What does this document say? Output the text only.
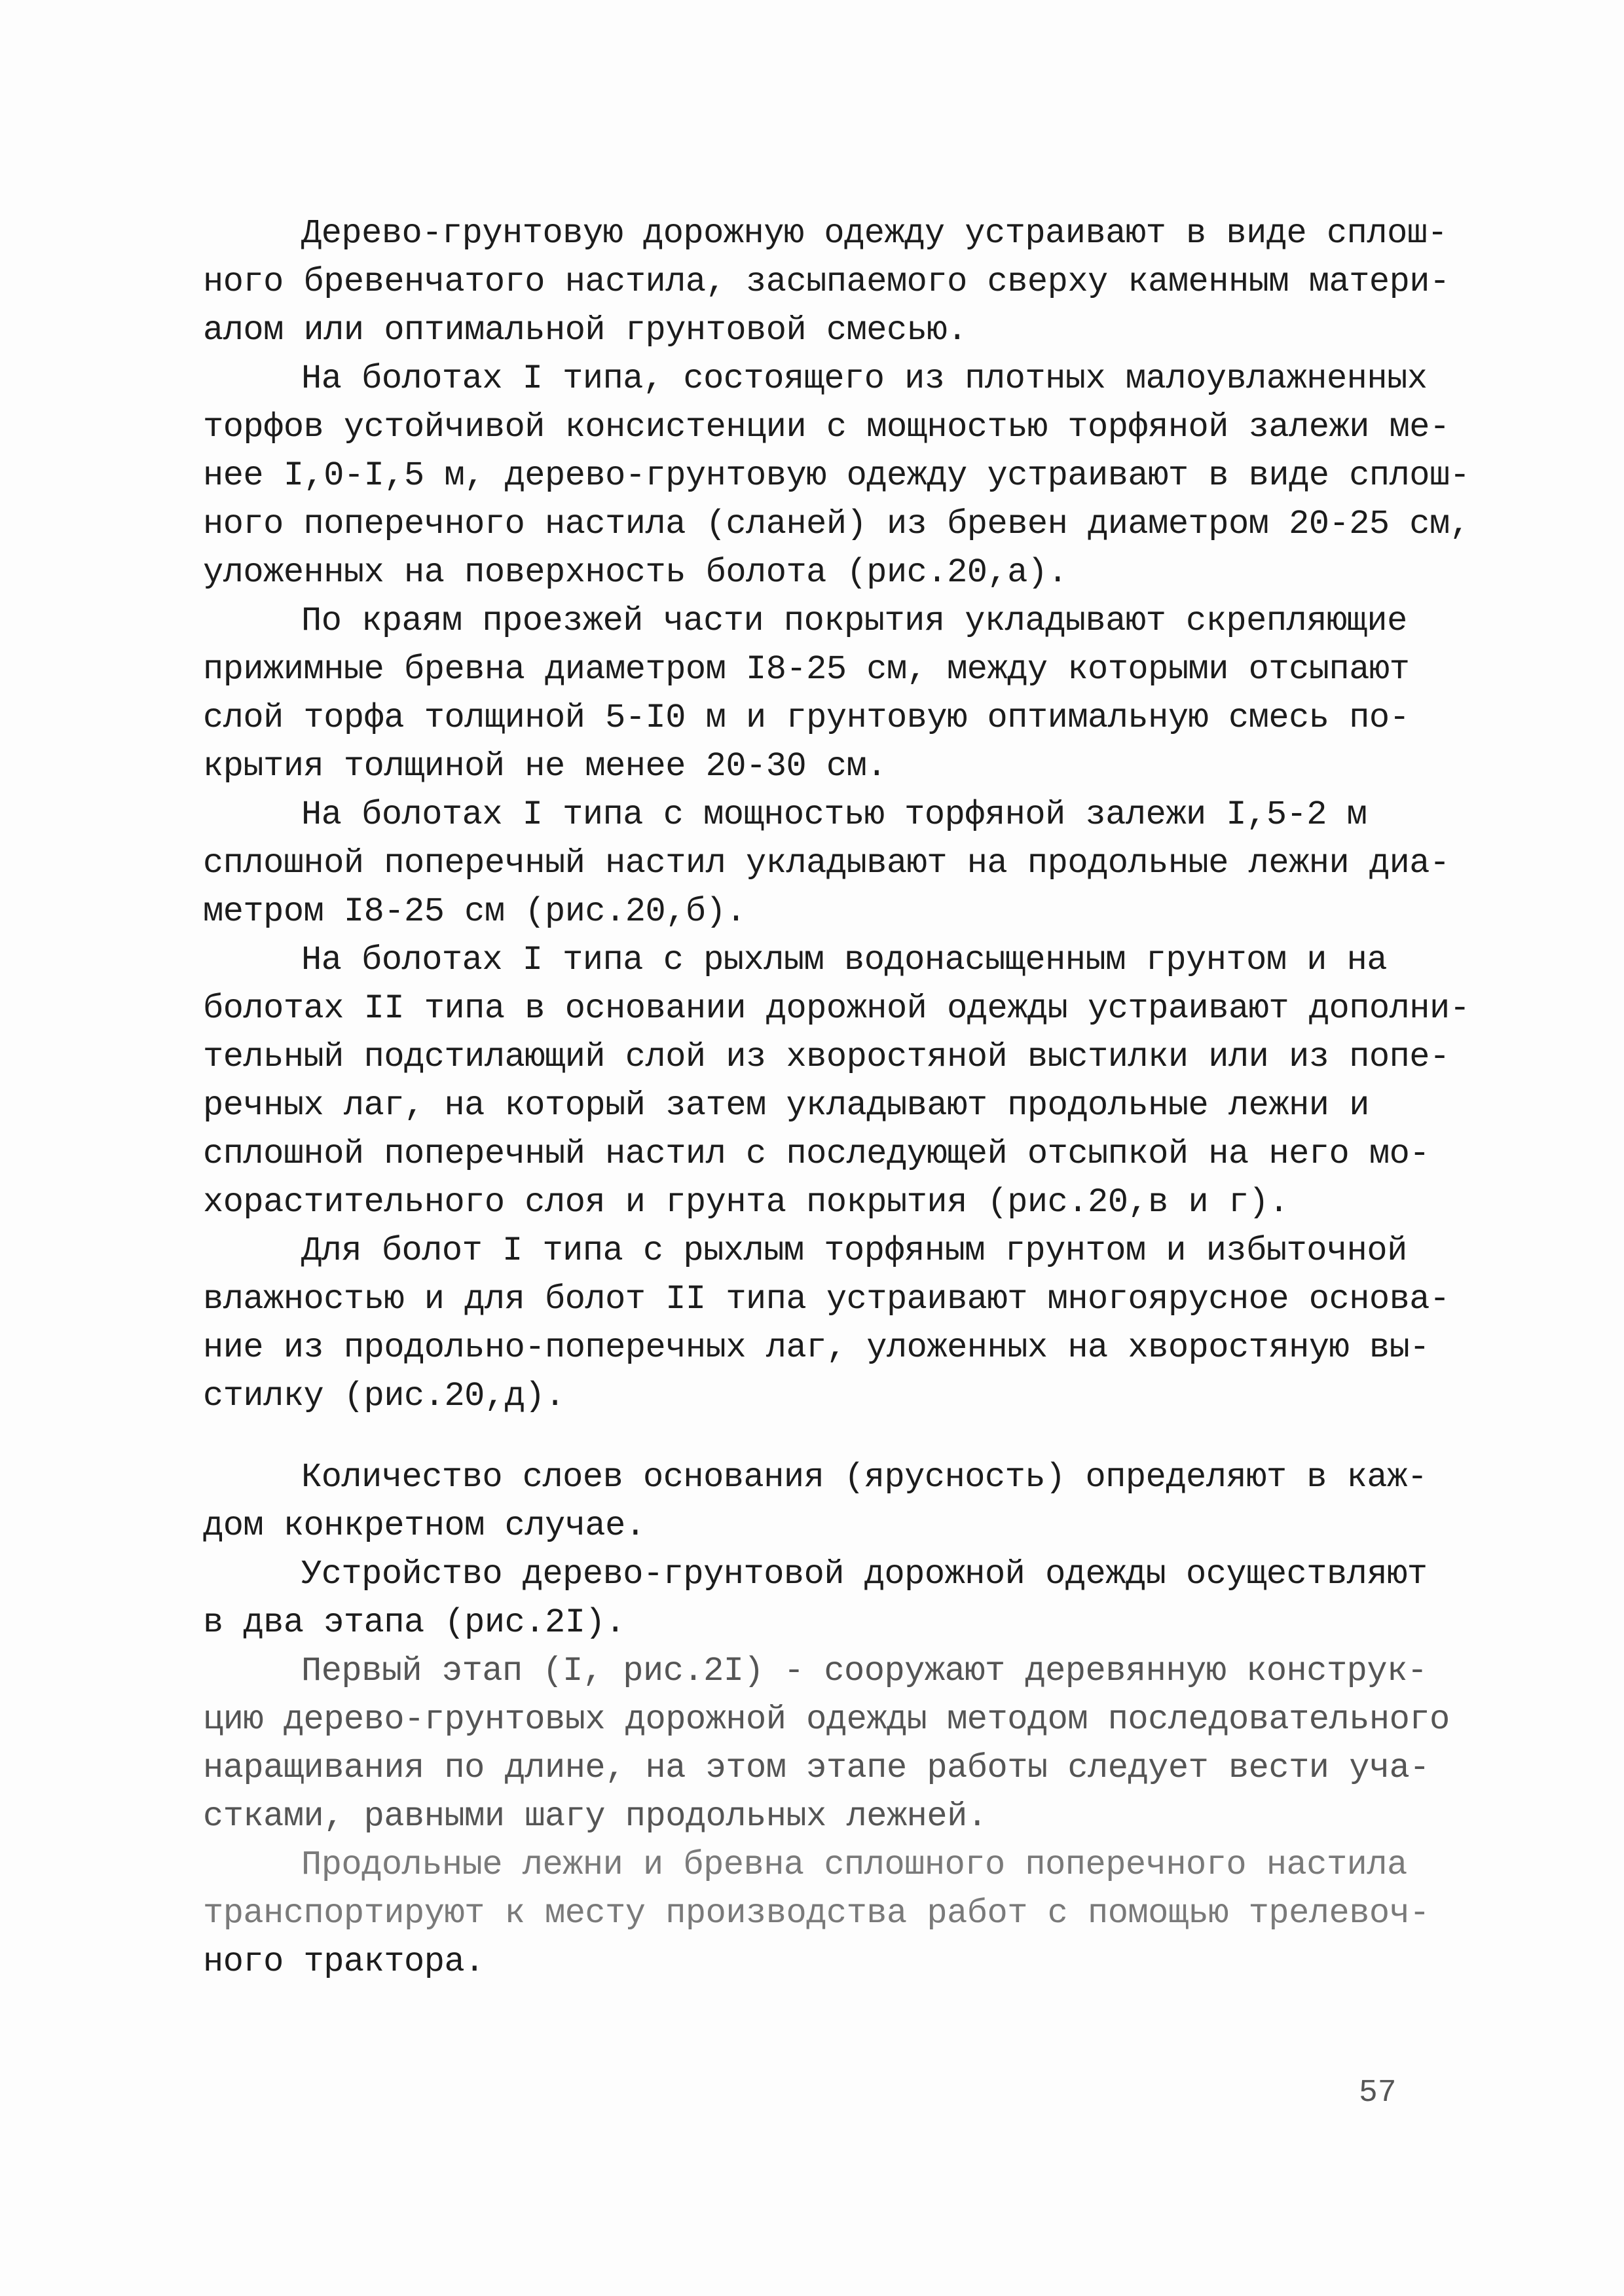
Дерево-грунтовую дорожную одежду устраивают в виде сплош-
ного бревенчатого настила, засыпаемого сверху каменным матери-
алом или оптимальной грунтовой смесью.
На болотах I типа, состоящего из плотных малоувлажненных
торфов устойчивой консистенции с мощностью торфяной залежи ме-
нее I,0-I,5 м, дерево-грунтовую одежду устраивают в виде сплош-
ного поперечного настила (сланей) из бревен диаметром 20-25 см,
уложенных на поверхность болота (рис.20,а).
По краям проезжей части покрытия укладывают скрепляющие
прижимные бревна диаметром I8-25 см, между которыми отсыпают
слой торфа толщиной 5-I0 м и грунтовую оптимальную смесь по-
крытия толщиной не менее 20-30 см.
На болотах I типа с мощностью торфяной залежи I,5-2 м
сплошной поперечный настил укладывают на продольные лежни диа-
метром I8-25 см (рис.20,б).
На болотах I типа с рыхлым водонасыщенным грунтом и на
болотах II типа в основании дорожной одежды устраивают дополни-
тельный подстилающий слой из хворостяной выстилки или из попе-
речных лаг, на который затем укладывают продольные лежни и
сплошной поперечный настил с последующей отсыпкой на него мо-
хорастительного слоя и грунта покрытия (рис.20,в и г).
Для болот I типа с рыхлым торфяным грунтом и избыточной
влажностью и для болот II типа устраивают многоярусное основа-
ние из продольно-поперечных лаг, уложенных на хворостяную вы-
стилку (рис.20,д).
Количество слоев основания (ярусность) определяют в каж-
дом конкретном случае.
Устройство дерево-грунтовой дорожной одежды осуществляют
в два этапа (рис.2I).
Первый этап (I, рис.2I) - сооружают деревянную конструк-
цию дерево-грунтовых дорожной одежды методом последовательного
наращивания по длине, на этом этапе работы следует вести уча-
стками, равными шагу продольных лежней.
Продольные лежни и бревна сплошного поперечного настила
транспортируют к месту производства работ с помощью трелевоч-
ного трактора.
57
